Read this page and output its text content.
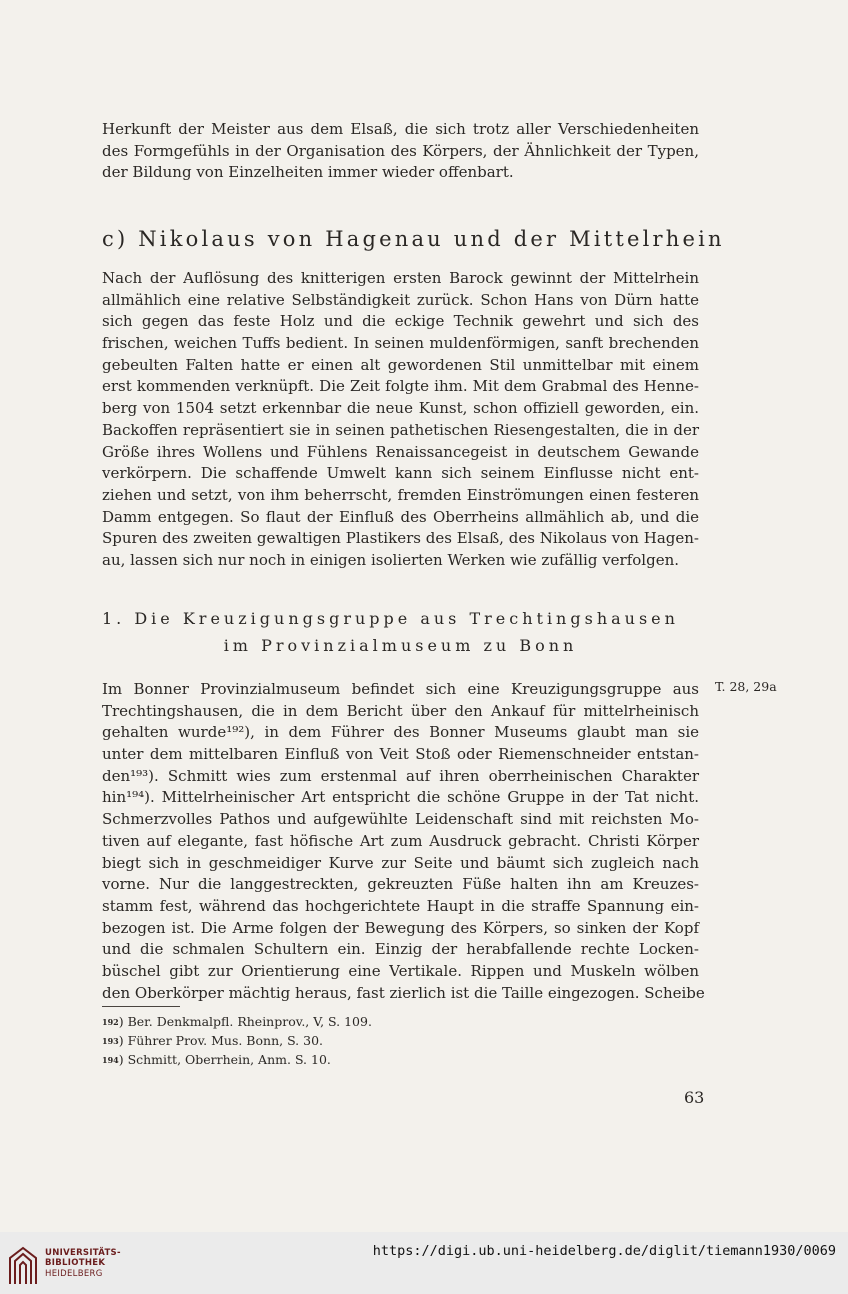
Herkunft der Meister aus dem Elsaß, die sich trotz aller Verschiedenheiten
des Formgefühls in der Organisation des Körpers, der Ähnlichkeit der Typen,
der Bildung von Einzelheiten immer wieder offenbart.
c) Nikolaus von Hagenau und der Mittelrhein
Nach der Auflösung des knitterigen ersten Barock gewinnt der Mittelrhein
allmählich eine relative Selbständigkeit zurück. Schon Hans von Dürn hatte
sich gegen das feste Holz und die eckige Technik gewehrt und sich des
frischen, weichen Tuffs bedient. In seinen muldenförmigen, sanft brechenden
gebeulten Falten hatte er einen alt gewordenen Stil unmittelbar mit einem
erst kommenden verknüpft. Die Zeit folgte ihm. Mit dem Grabmal des Henne-
berg von 1504 setzt erkennbar die neue Kunst, schon offiziell geworden, ein.
Backoffen repräsentiert sie in seinen pathetischen Riesengestalten, die in der
Größe ihres Wollens und Fühlens Renaissancegeist in deutschem Gewande
verkörpern. Die schaffende Umwelt kann sich seinem Einflusse nicht ent-
ziehen und setzt, von ihm beherrscht, fremden Einströmungen einen festeren
Damm entgegen. So flaut der Einfluß des Oberrheins allmählich ab, und die
Spuren des zweiten gewaltigen Plastikers des Elsaß, des Nikolaus von Hagen-
au, lassen sich nur noch in einigen isolierten Werken wie zufällig verfolgen.
1. Die Kreuzigungsgruppe aus Trechtingshausen
im Provinzialmuseum zu Bonn
T. 28, 29a
Im Bonner Provinzialmuseum befindet sich eine Kreuzigungsgruppe aus
Trechtingshausen, die in dem Bericht über den Ankauf für mittelrheinisch
gehalten wurde¹⁹²), in dem Führer des Bonner Museums glaubt man sie
unter dem mittelbaren Einfluß von Veit Stoß oder Riemenschneider entstan-
den¹⁹³). Schmitt wies zum erstenmal auf ihren oberrheinischen Charakter
hin¹⁹⁴). Mittelrheinischer Art entspricht die schöne Gruppe in der Tat nicht.
Schmerzvolles Pathos und aufgewühlte Leidenschaft sind mit reichsten Mo-
tiven auf elegante, fast höfische Art zum Ausdruck gebracht. Christi Körper
biegt sich in geschmeidiger Kurve zur Seite und bäumt sich zugleich nach
vorne. Nur die langgestreckten, gekreuzten Füße halten ihn am Kreuzes-
stamm fest, während das hochgerichtete Haupt in die straffe Spannung ein-
bezogen ist. Die Arme folgen der Bewegung des Körpers, so sinken der Kopf
und die schmalen Schultern ein. Einzig der herabfallende rechte Locken-
büschel gibt zur Orientierung eine Vertikale. Rippen und Muskeln wölben
den Oberkörper mächtig heraus, fast zierlich ist die Taille eingezogen. Scheibe
$^{192}$) Ber. Denkmalpfl. Rheinprov., V, S. 109.
$^{193}$) Führer Prov. Mus. Bonn, S. 30.
$^{194}$) Schmitt, Oberrhein, Anm. S. 10.
63
UNIVERSITÄTS-
BIBLIOTHEK
HEIDELBERG
https://digi.ub.uni-heidelberg.de/diglit/tiemann1930/0069
